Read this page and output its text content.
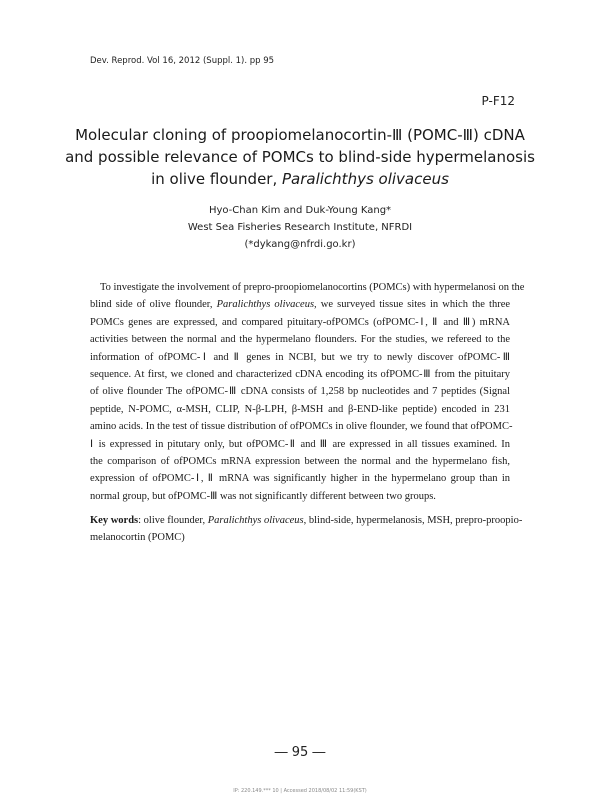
Dev. Reprod. Vol 16, 2012 (Suppl. 1). pp 95
P-F12
Molecular cloning of proopiomelanocortin-Ⅲ (POMC-Ⅲ) cDNA
and possible relevance of POMCs to blind-side hypermelanosis
in olive flounder, Paralichthys olivaceus
Hyo-Chan Kim and Duk-Young Kang*
West Sea Fisheries Research Institute, NFRDI
(*dykang@nfrdi.go.kr)
To investigate the involvement of prepro-proopiomelanocortins (POMCs) with hypermelanosi on the
blind side of olive flounder, Paralichthys olivaceus, we surveyed tissue sites in which the three
POMCs genes are expressed, and compared pituitary-ofPOMCs (ofPOMC-Ⅰ, Ⅱ and Ⅲ) mRNA
activities between the normal and the hypermelano flounders. For the studies, we refereed to the
information of ofPOMC-Ⅰ and Ⅱ genes in NCBI, but we try to newly discover ofPOMC-Ⅲ
sequence. At first, we cloned and characterized cDNA encoding its ofPOMC-Ⅲ from the pituitary
of olive flounder The ofPOMC-Ⅲ cDNA consists of 1,258 bp nucleotides and 7 peptides (Signal
peptide, N-POMC, α-MSH, CLIP, N-β-LPH, β-MSH and β-END-like peptide) encoded in 231
amino acids. In the test of tissue distribution of ofPOMCs in olive flounder, we found that ofPOMC-
Ⅰ is expressed in pitutary only, but ofPOMC-Ⅱ and Ⅲ are expressed in all tissues examined. In
the comparison of ofPOMCs mRNA expression between the normal and the hypermelano fish,
expression of ofPOMC-Ⅰ, Ⅱ mRNA was significantly higher in the hypermelano group than in
normal group, but ofPOMC-Ⅲ was not significantly different between two groups.
Key words: olive flounder, Paralichthys olivaceus, blind-side, hypermelanosis, MSH, prepro-proopio-
melanocortin (POMC)
― 95 ―
IP: 220.149.*** 10 | Accessed 2018/08/02 11:59(KST)
